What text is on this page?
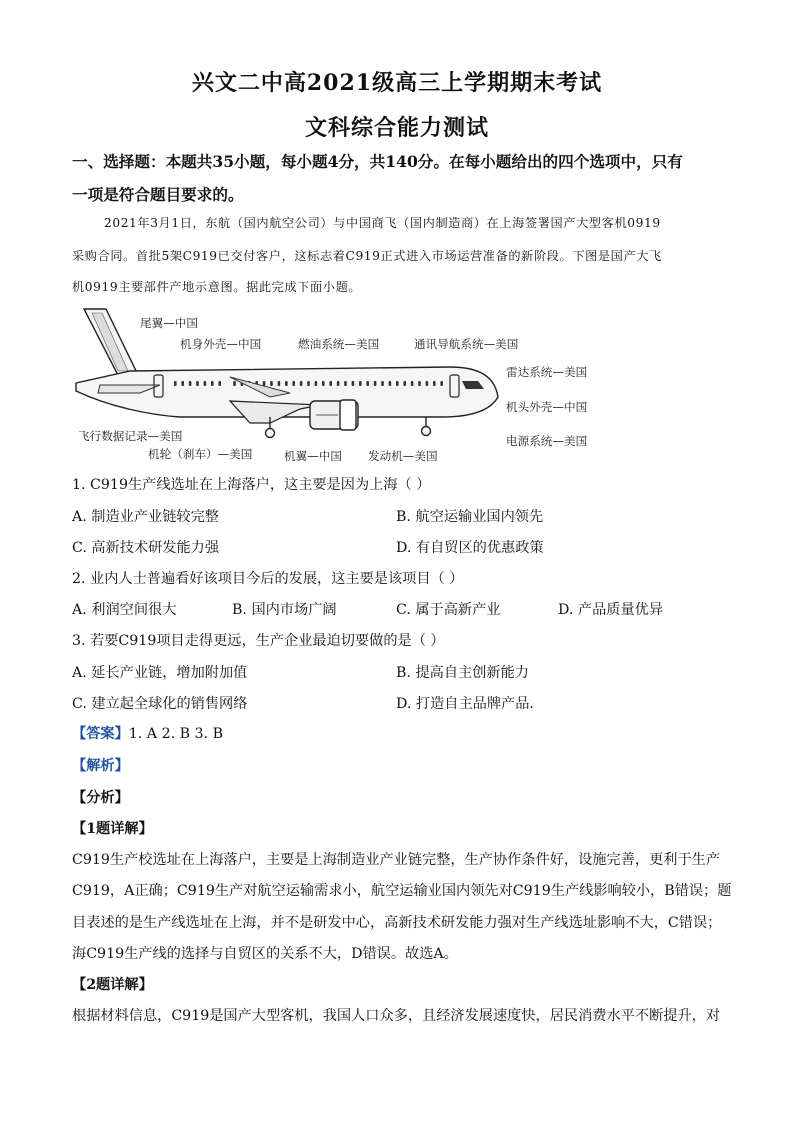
兴文二中高2021级高三上学期期末考试
文科综合能力测试
一、选择题：本题共35小题，每小题4分，共140分。在每小题给出的四个选项中，只有
一项是符合题目要求的。
2021年3月1日，东航（国内航空公司）与中国商飞（国内制造商）在上海签署国产大型客机0919
采购合同。首批5架C919已交付客户，这标志着C919正式进入市场运营准备的新阶段。下图是国产大飞
机0919主要部件产地示意图。据此完成下面小题。
尾翼—中国
机身外壳—中国	燃油系统—美国	通讯导航系统—美国
雷达系统—美国
机头外壳—中国
电源系统—美国
飞行数据记录—美国
机轮（刹车）—美国	机翼—中国 发动机—美国
1. C919生产线选址在上海落户，这主要是因为上海（ ）
A. 制造业产业链较完整	B. 航空运输业国内领先
C. 高新技术研发能力强	D. 有自贸区的优惠政策
2. 业内人士普遍看好该项目今后的发展，这主要是该项目（ ）
A. 利润空间很大	B. 国内市场广阔	C. 属于高新产业	D. 产品质量优异
3. 若要C919项目走得更远，生产企业最迫切要做的是（ ）
A. 延长产业链，增加附加值	B. 提高自主创新能力
C. 建立起全球化的销售网络	D. 打造自主品牌产品.
【答案】1. A 2. B 3. B
【解析】
【分析】
【1题详解】
C919生产校选址在上海落户，主要是上海制造业产业链完整，生产协作条件好，设施完善，更利于生产
C919，A正确；C919生产对航空运输需求小，航空运输业国内领先对C919生产线影响较小，B错误；题
目表述的是生产线选址在上海，并不是研发中心，高新技术研发能力强对生产线选址影响不大，C错误；
海C919生产线的选择与自贸区的关系不大，D错误。故选A。
【2题详解】
根据材料信息，C919是国产大型客机，我国人口众多，且经济发展速度快，居民消费水平不断提升，对
